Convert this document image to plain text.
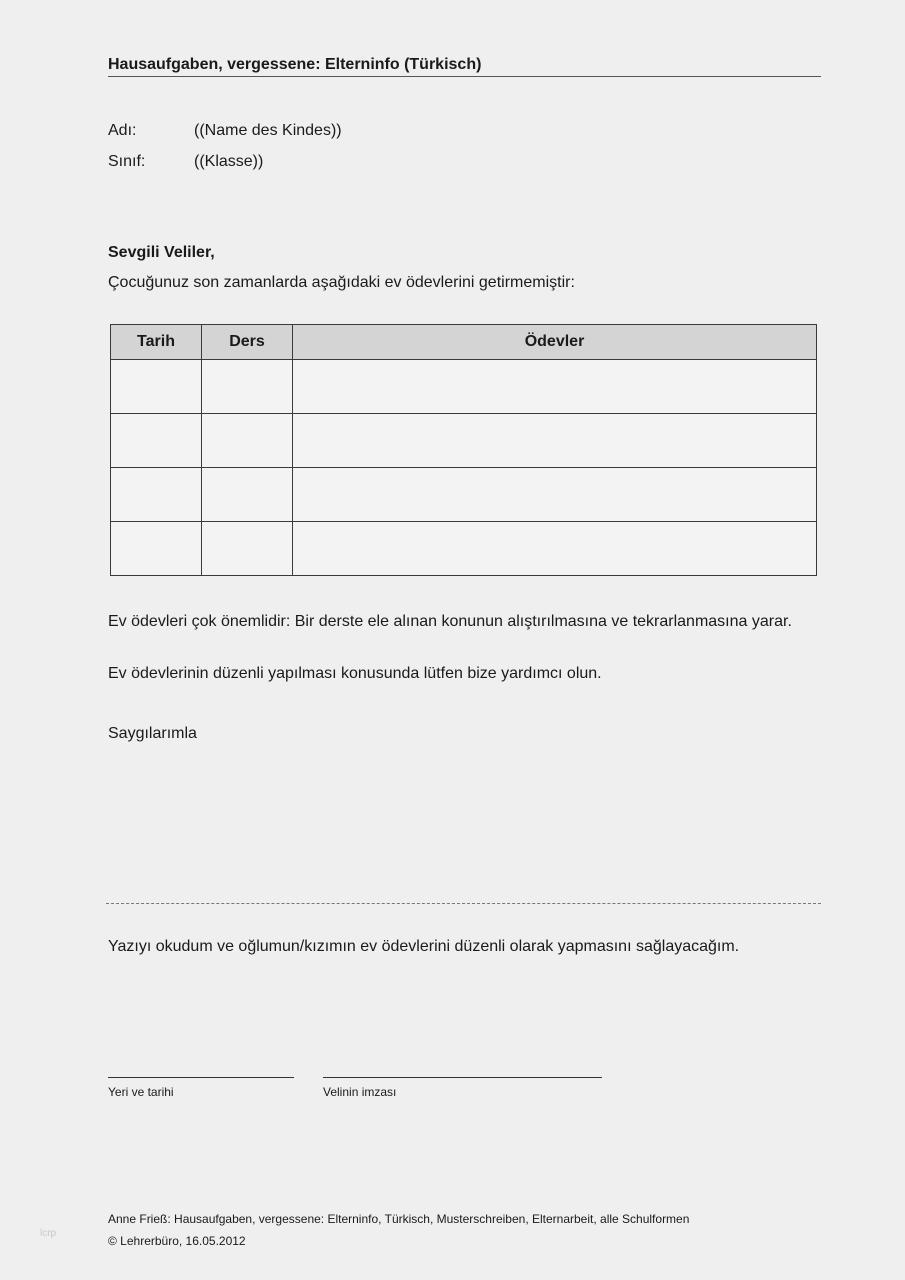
Hausaufgaben, vergessene: Elterninfo (Türkisch)
Adı:	((Name des Kindes))
Sınıf:	((Klasse))
Sevgili Veliler,
Çocuğunuz son zamanlarda aşağıdaki ev ödevlerini getirmemiştir:
Tarih	Ders	Ödevler

Ev ödevleri çok önemlidir: Bir derste ele alınan konunun alıştırılmasına ve tekrarlanmasına yarar.
Ev ödevlerinin düzenli yapılması konusunda lütfen bize yardımcı olun.
Saygılarımla
Yazıyı okudum ve oğlumun/kızımın ev ödevlerini düzenli olarak yapmasını sağlayacağım.
Yeri ve tarihi	Velinin imzası
Anne Frieß: Hausaufgaben, vergessene: Elterninfo, Türkisch, Musterschreiben, Elternarbeit, alle Schulformen
© Lehrerbüro, 16.05.2012
lcrp
